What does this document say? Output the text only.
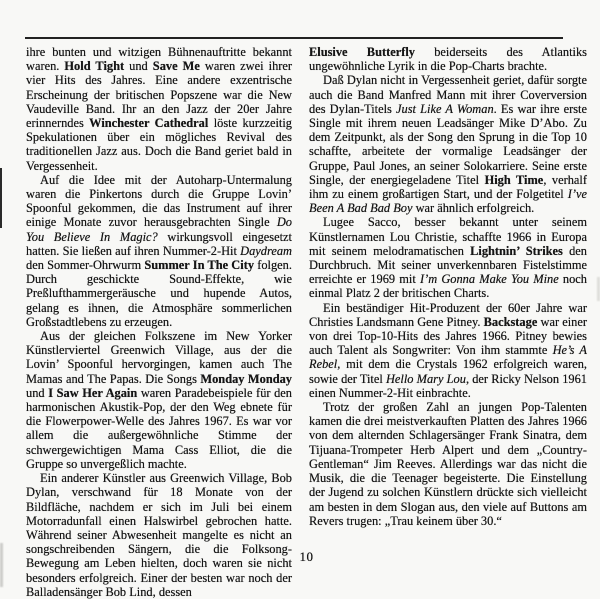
ihre bunten und witzigen Bühnenauftritte bekannt waren. Hold Tight und Save Me waren zwei ihrer vier Hits des Jahres. Eine andere exzentrische Erscheinung der britischen Popszene war die New Vaudeville Band. Ihr an den Jazz der 20er Jahre erinnerndes Winchester Cathedral löste kurzzeitig Spekulationen über ein mögliches Revival des traditionellen Jazz aus. Doch die Band geriet bald in Vergessenheit.

Auf die Idee mit der Autoharp-Untermalung waren die Pinkertons durch die Gruppe Lovin’ Spoonful gekommen, die das Instrument auf ihrer einige Monate zuvor herausgebrachten Single Do You Believe In Magic? wirkungsvoll eingesetzt hatten. Sie ließen auf ihren Nummer-2-Hit Daydream den Sommer-Ohrwurm Summer In The City folgen. Durch geschickte Sound-Effekte, wie Preßlufthammergeräusche und hupende Autos, gelang es ihnen, die Atmosphäre sommerlichen Großstadtlebens zu erzeugen.

Aus der gleichen Folkszene im New Yorker Künstlerviertel Greenwich Village, aus der die Lovin’ Spoonful hervorgingen, kamen auch The Mamas and The Papas. Die Songs Monday Monday und I Saw Her Again waren Paradebeispiele für den harmonischen Akustik-Pop, der den Weg ebnete für die Flowerpower-Welle des Jahres 1967. Es war vor allem die außergewöhnliche Stimme der schwergewichtigen Mama Cass Elliot, die die Gruppe so unvergeßlich machte.

Ein anderer Künstler aus Greenwich Village, Bob Dylan, verschwand für 18 Monate von der Bildfläche, nachdem er sich im Juli bei einem Motorradunfall einen Halswirbel gebrochen hatte. Während seiner Abwesenheit mangelte es nicht an songschreibenden Sängern, die die Folksong-Bewegung am Leben hielten, doch waren sie nicht besonders erfolgreich. Einer der besten war noch der Balladensänger Bob Lind, dessen

Elusive Butterfly beiderseits des Atlantiks ungewöhnliche Lyrik in die Pop-Charts brachte.

Daß Dylan nicht in Vergessenheit geriet, dafür sorgte auch die Band Manfred Mann mit ihrer Coverversion des Dylan-Titels Just Like A Woman. Es war ihre erste Single mit ihrem neuen Leadsänger Mike D’Abo. Zu dem Zeitpunkt, als der Song den Sprung in die Top 10 schaffte, arbeitete der vormalige Leadsänger der Gruppe, Paul Jones, an seiner Solokarriere. Seine erste Single, der energiegeladene Titel High Time, verhalf ihm zu einem großartigen Start, und der Folgetitel I’ve Been A Bad Bad Boy war ähnlich erfolgreich.

Lugee Sacco, besser bekannt unter seinem Künstlernamen Lou Christie, schaffte 1966 in Europa mit seinem melodramatischen Lightnin’ Strikes den Durchbruch. Mit seiner unverkennbaren Fistelstimme erreichte er 1969 mit I’m Gonna Make You Mine noch einmal Platz 2 der britischen Charts.

Ein beständiger Hit-Produzent der 60er Jahre war Christies Landsmann Gene Pitney. Backstage war einer von drei Top-10-Hits des Jahres 1966. Pitney bewies auch Talent als Songwriter: Von ihm stammte He’s A Rebel, mit dem die Crystals 1962 erfolgreich waren, sowie der Titel Hello Mary Lou, der Ricky Nelson 1961 einen Nummer-2-Hit einbrachte.

Trotz der großen Zahl an jungen Pop-Talenten kamen die drei meistverkauften Platten des Jahres 1966 von dem alternden Schlagersänger Frank Sinatra, dem Tijuana-Trompeter Herb Alpert und dem „Country-Gentleman“ Jim Reeves. Allerdings war das nicht die Musik, die die Teenager begeisterte. Die Einstellung der Jugend zu solchen Künstlern drückte sich vielleicht am besten in dem Slogan aus, den viele auf Buttons am Revers trugen: „Trau keinem über 30.“

10
